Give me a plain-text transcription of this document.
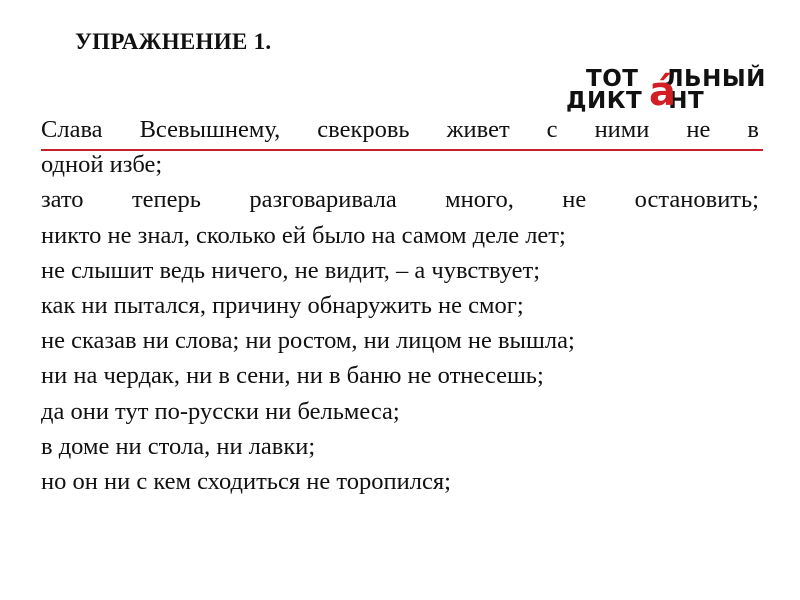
УПРАЖНЕНИЕ 1.
ТОТ ЛЬНЫЙ
ДИКТ НТ
á
Слава Всевышнему, свекровь живет с ними не в
одной избе;
зато теперь разговаривала много, не остановить;
никто не знал, сколько ей было на самом деле лет;
не слышит ведь ничего, не видит, – а чувствует;
как ни пытался, причину обнаружить не смог;
не сказав ни слова; ни ростом, ни лицом не вышла;
ни на чердак, ни в сени, ни в баню не отнесешь;
да они тут по-русски ни бельмеса;
в доме ни стола, ни лавки;
но он ни с кем сходиться не торопился;
